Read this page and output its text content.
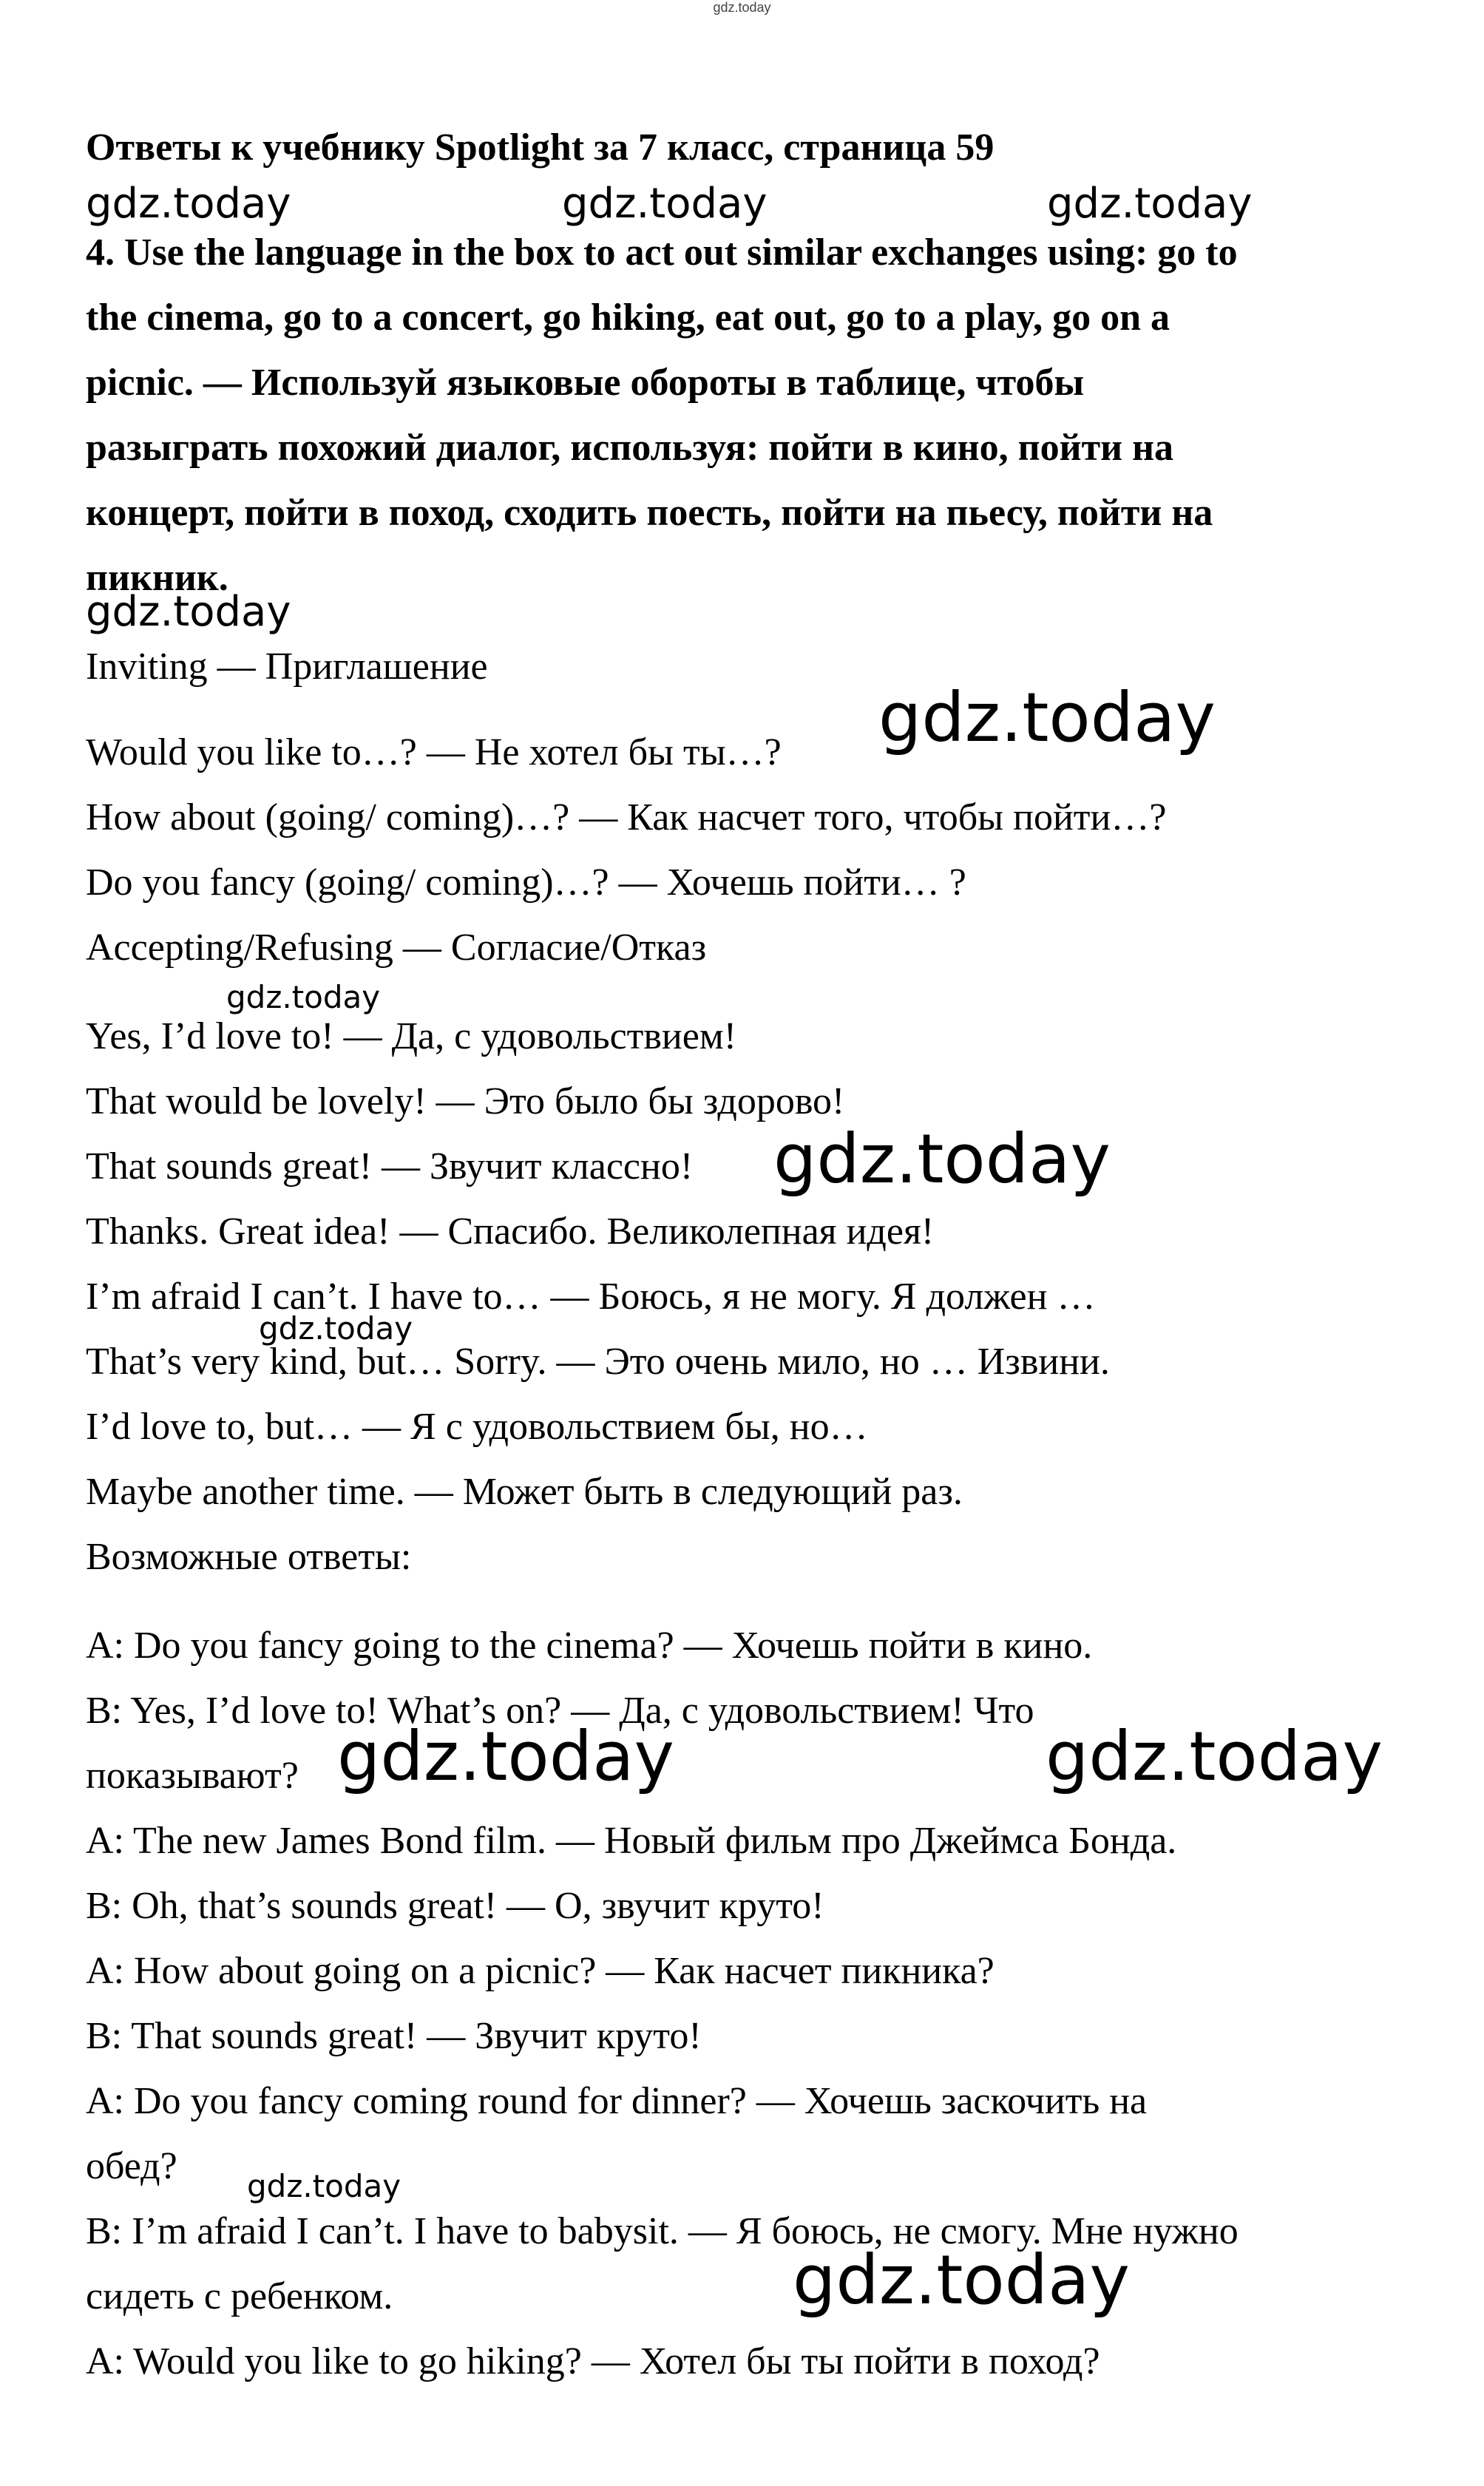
gdz.today
Ответы к учебнику Spotlight за 7 класс, страница 59
4. Use the language in the box to act out similar exchanges using: go to
the cinema, go to a concert, go hiking, eat out, go to a play, go on a
picnic. — Используй языковые обороты в таблице, чтобы
разыграть похожий диалог, используя: пойти в кино, пойти на
концерт, пойти в поход, сходить поесть, пойти на пьесу, пойти на
пикник.
Inviting — Приглашение
Would you like to…? — Не хотел бы ты…?
How about (going/ coming)…? — Как насчет того, чтобы пойти…?
Do you fancy (going/ coming)…? — Хочешь пойти… ?
Accepting/Refusing — Согласие/Отказ
Yes, I’d love to! — Да, с удовольствием!
That would be lovely! — Это было бы здорово!
That sounds great! — Звучит классно!
Thanks. Great idea! — Спасибо. Великолепная идея!
I’m afraid I can’t. I have to… — Боюсь, я не могу. Я должен …
That’s very kind, but… Sorry. — Это очень мило, но … Извини.
I’d love to, but… — Я с удовольствием бы, но…
Maybe another time. — Может быть в следующий раз.
Возможные ответы:
A: Do you fancy going to the cinema? — Хочешь пойти в кино.
B: Yes, I’d love to! What’s on? — Да, с удовольствием! Что
показывают?
A: The new James Bond film. — Новый фильм про Джеймса Бонда.
B: Oh, that’s sounds great! — О, звучит круто!
A: How about going on a picnic? — Как насчет пикника?
B: That sounds great! — Звучит круто!
A: Do you fancy coming round for dinner? — Хочешь заскочить на
обед?
B: I’m afraid I can’t. I have to babysit. — Я боюсь, не смогу. Мне нужно
сидеть с ребенком.
A: Would you like to go hiking? — Хотел бы ты пойти в поход?
gdz.today	gdz.today	gdz.today
gdz.today
gdz.today
gdz.today
gdz.today
gdz.today
gdz.today	gdz.today
gdz.today
gdz.today
